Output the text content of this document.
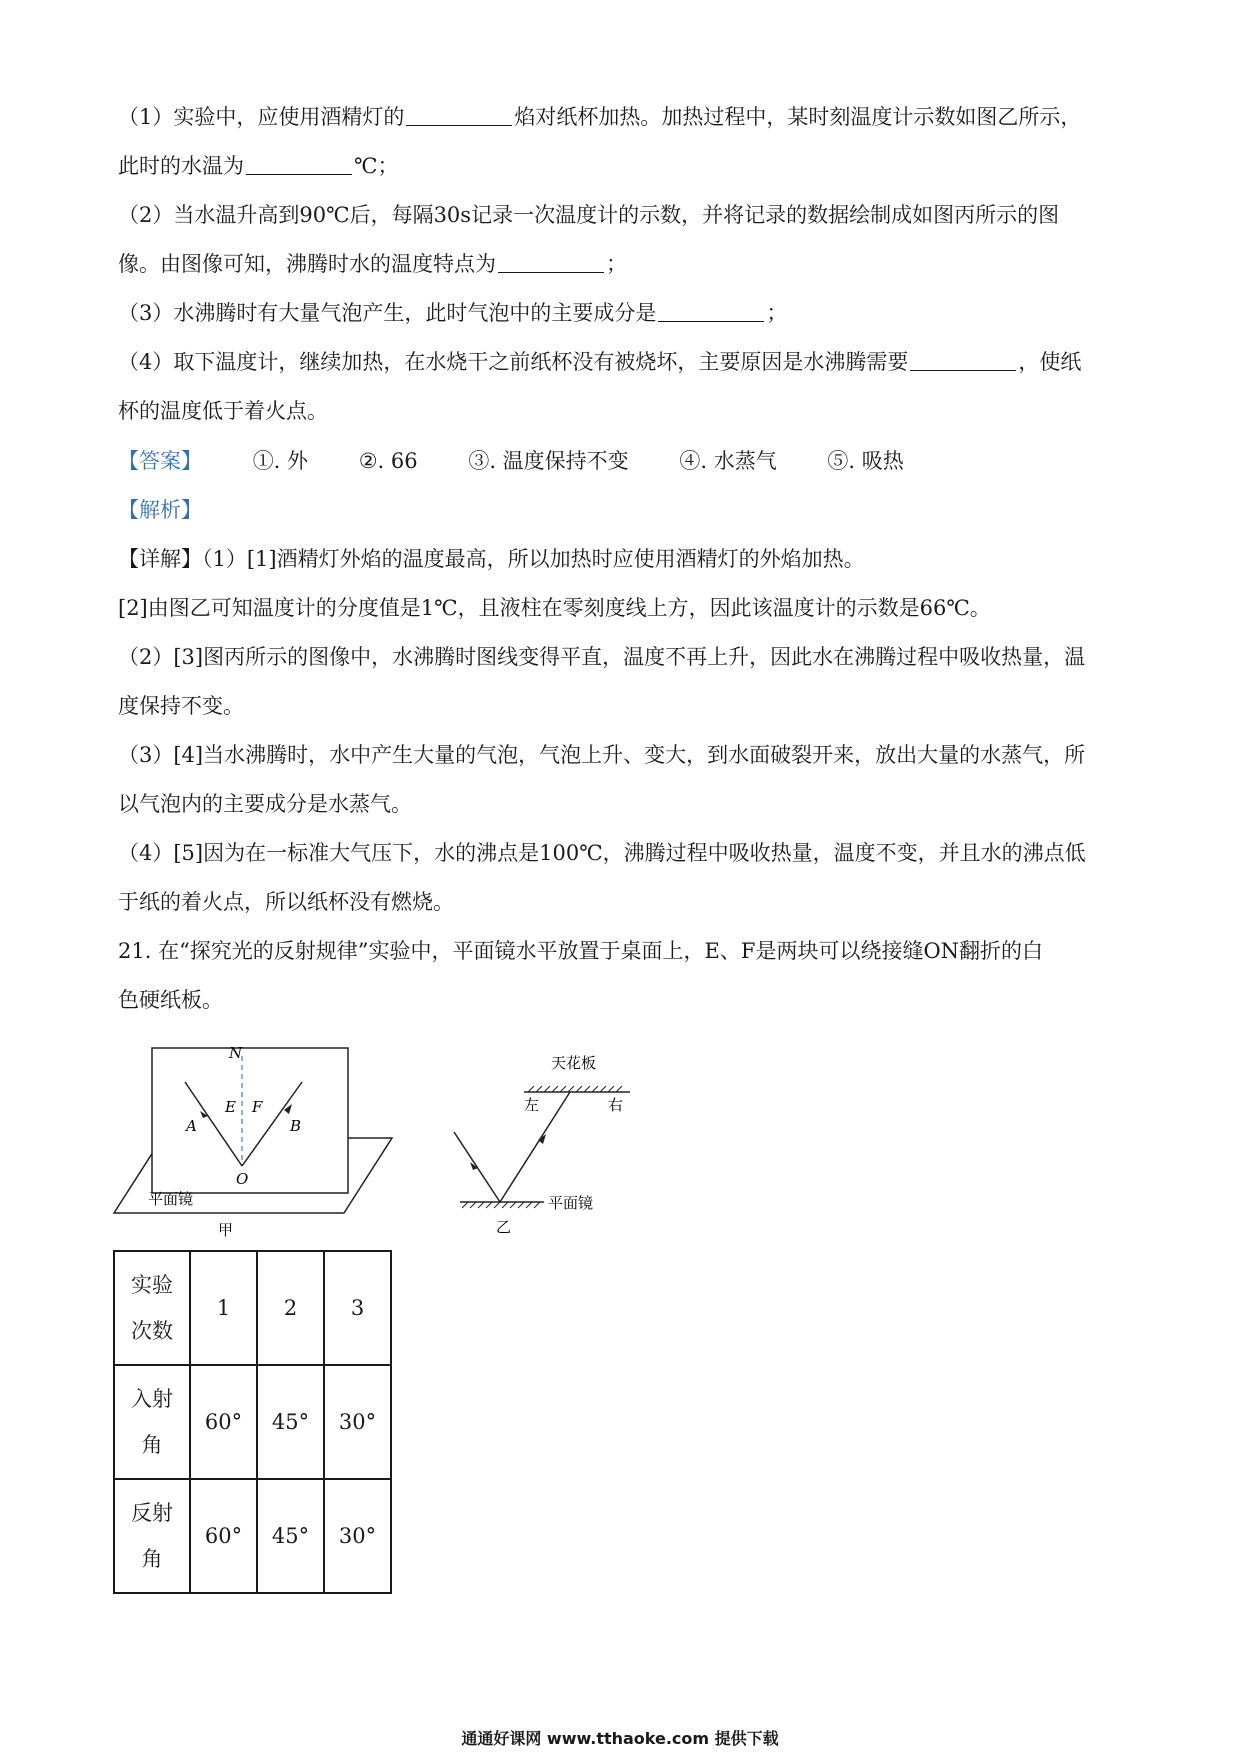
（1）实验中，应使用酒精灯的	焰对纸杯加热。加热过程中，某时刻温度计示数如图乙所示，
此时的水温为	℃；
（2）当水温升高到90℃后，每隔30s记录一次温度计的示数，并将记录的数据绘制成如图丙所示的图
像。由图像可知，沸腾时水的温度特点为	；
（3）水沸腾时有大量气泡产生，此时气泡中的主要成分是	；
（4）取下温度计，继续加热，在水烧干之前纸杯没有被烧坏，主要原因是水沸腾需要	，使纸
杯的温度低于着火点。
【答案】 ①. 外 ②. 66 ③. 温度保持不变 ④. 水蒸气 ⑤. 吸热
【解析】
【详解】（1）[1]酒精灯外焰的温度最高，所以加热时应使用酒精灯的外焰加热。
[2]由图乙可知温度计的分度值是1℃，且液柱在零刻度线上方，因此该温度计的示数是66℃。
（2）[3]图丙所示的图像中，水沸腾时图线变得平直，温度不再上升，因此水在沸腾过程中吸收热量，温
度保持不变。
（3）[4]当水沸腾时，水中产生大量的气泡，气泡上升、变大，到水面破裂开来，放出大量的水蒸气，所
以气泡内的主要成分是水蒸气。
（4）[5]因为在一标准大气压下，水的沸点是100℃，沸腾过程中吸收热量，温度不变，并且水的沸点低
于纸的着火点，所以纸杯没有燃烧。
21. 在“探究光的反射规律”实验中，平面镜水平放置于桌面上，E、F是两块可以绕接缝ON翻折的白
色硬纸板。
N
E F
A	B
O
平面镜
甲
天花板
左	右
平面镜
乙
实验
次数	1	2	3
入射
角	60°	45°	30°
反射
角	60°	45°	30°
通通好课网 www.tthaoke.com 提供下载
